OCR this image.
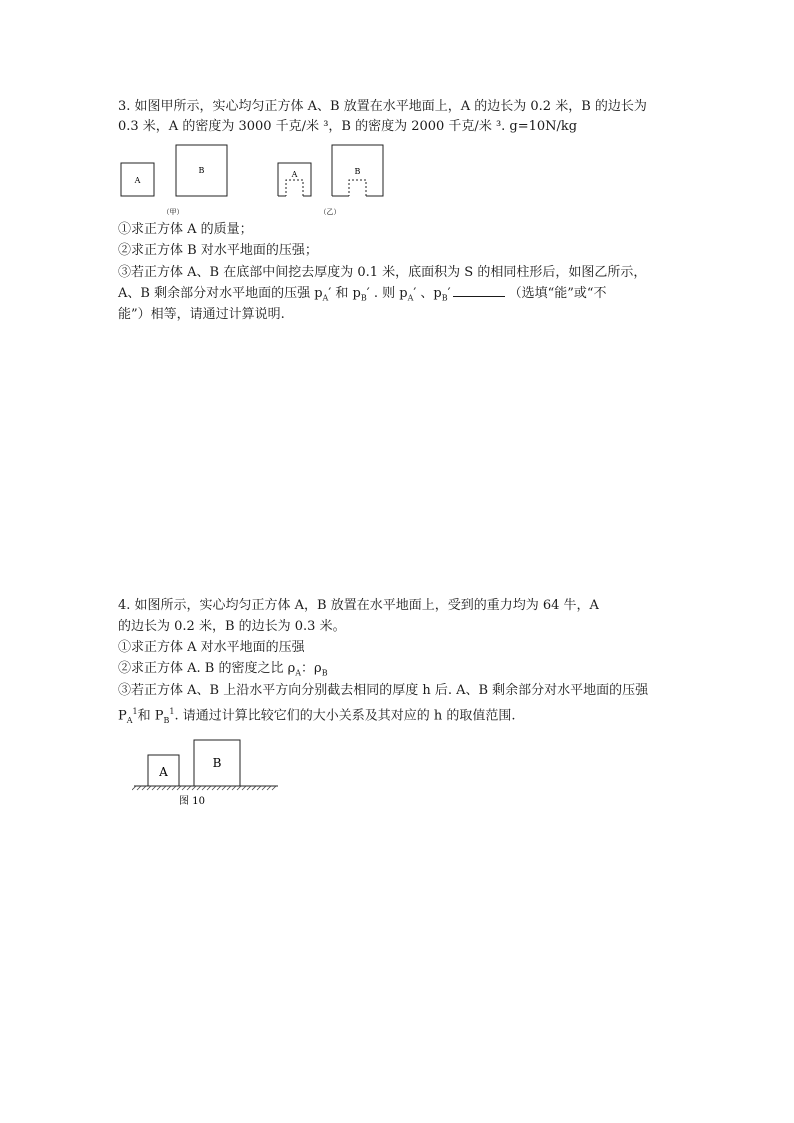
3. 如图甲所示，实心均匀正方体 A、B 放置在水平地面上，A 的边长为 0.2 米，B 的边长为
0.3 米，A 的密度为 3000 千克/米 ³，B 的密度为 2000 千克/米 ³. g=10N/kg
A
B
（甲）
A	B
（乙）
①求正方体 A 的质量；
②求正方体 B 对水平地面的压强；
③若正方体 A、B 在底部中间挖去厚度为 0.1 米，底面积为 S 的相同柱形后，如图乙所示，
A、B 剩余部分对水平地面的压强 $p_A'$ 和 $p_B'$ . 则 $p_A'$ 、$p_B'$	（选填“能”或“不
能”）相等，请通过计算说明.
4. 如图所示，实心均匀正方体 A，B 放置在水平地面上，受到的重力均为 64 牛，A
的边长为 0.2 米，B 的边长为 0.3 米。
①求正方体 A 对水平地面的压强
②求正方体 A. B 的密度之比 $\rho_A$：$\rho_B$
③若正方体 A、B 上沿水平方向分别截去相同的厚度 h 后. A、B 剩余部分对水平地面的压强
$P_A^1$和 $P_B^1$. 请通过计算比较它们的大小关系及其对应的 h 的取值范围.
A
B
图 10
